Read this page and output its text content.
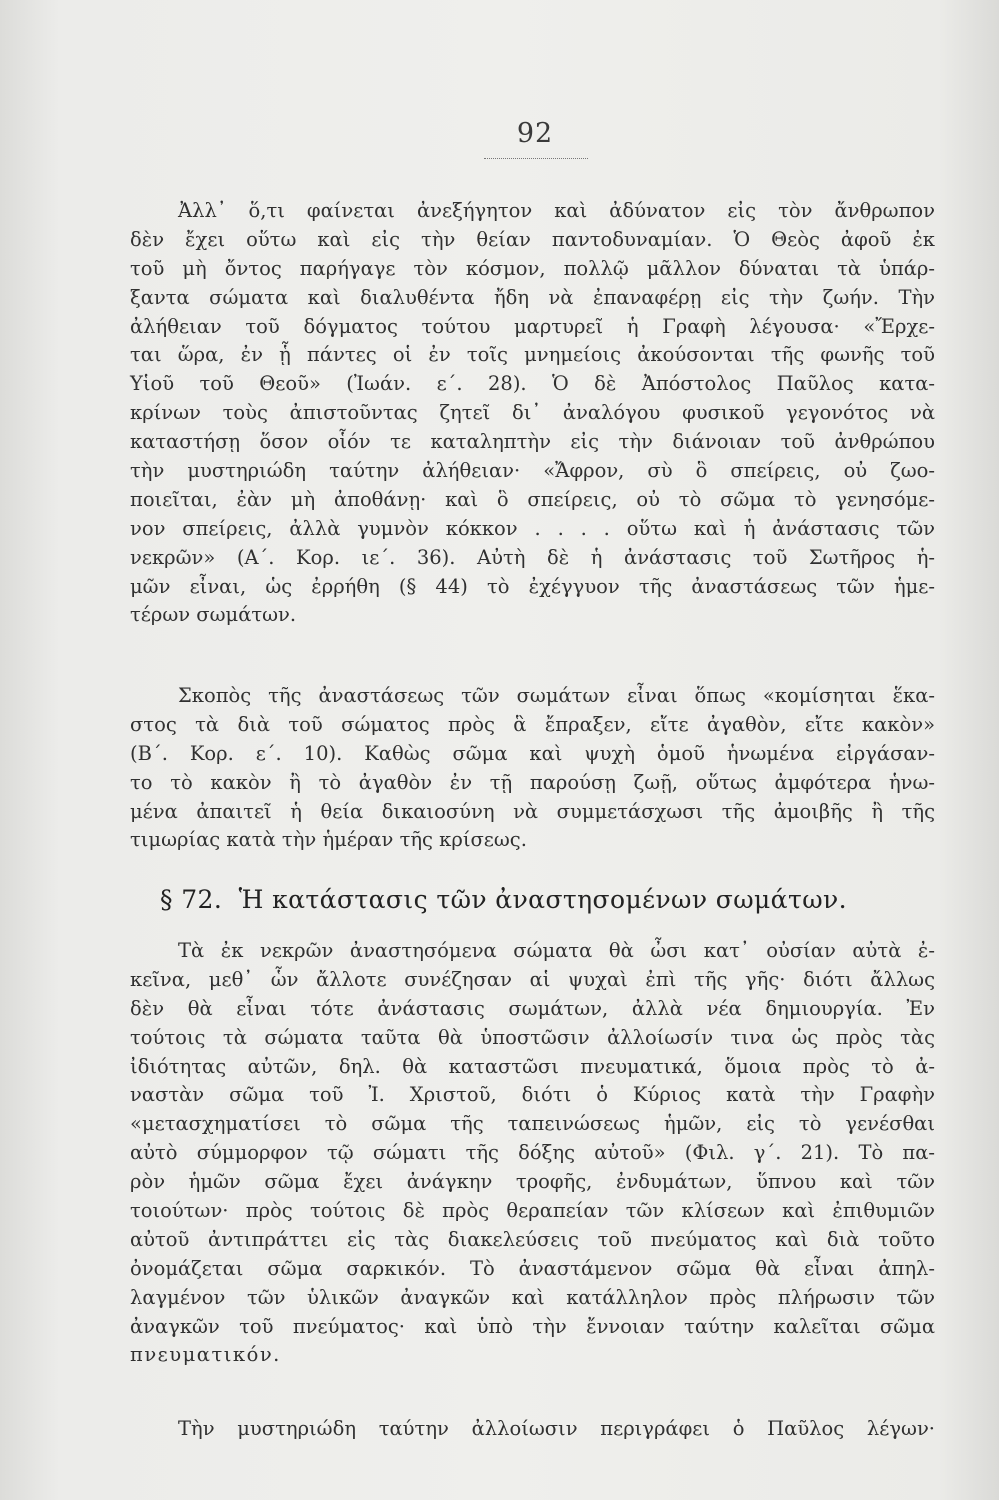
92
Ἀλλ᾽ ὅ,τι φαίνεται ἀνεξήγητον καὶ ἀδύνατον εἰς τὸν ἄνθρωπον
δὲν ἔχει οὕτω καὶ εἰς τὴν θείαν παντοδυναμίαν. Ὁ Θεὸς ἀφοῦ ἐκ
τοῦ μὴ ὄντος παρήγαγε τὸν κόσμον, πολλῷ μᾶλλον δύναται τὰ ὑπάρ-
ξαντα σώματα καὶ διαλυθέντα ἤδη νὰ ἐπαναφέρῃ εἰς τὴν ζωήν. Τὴν
ἀλήθειαν τοῦ δόγματος τούτου μαρτυρεῖ ἡ Γραφὴ λέγουσα· «Ἔρχε-
ται ὥρα, ἐν ᾗ πάντες οἱ ἐν τοῖς μνημείοις ἀκούσονται τῆς φωνῆς τοῦ
Υἱοῦ τοῦ Θεοῦ» (Ἰωάν. ε΄. 28). Ὁ δὲ Ἀπόστολος Παῦλος κατα-
κρίνων τοὺς ἀπιστοῦντας ζητεῖ δι᾽ ἀναλόγου φυσικοῦ γεγονότος νὰ
καταστήσῃ ὅσον οἷόν τε καταληπτὴν εἰς τὴν διάνοιαν τοῦ ἀνθρώπου
τὴν μυστηριώδη ταύτην ἀλήθειαν· «Ἄφρον, σὺ ὃ σπείρεις, οὐ ζωο-
ποιεῖται, ἐὰν μὴ ἀποθάνῃ· καὶ ὃ σπείρεις, οὐ τὸ σῶμα τὸ γενησόμε-
νον σπείρεις, ἀλλὰ γυμνὸν κόκκον . . . . οὕτω καὶ ἡ ἀνάστασις τῶν
νεκρῶν» (Α΄. Κορ. ιε΄. 36). Αὐτὴ δὲ ἡ ἀνάστασις τοῦ Σωτῆρος ἡ-
μῶν εἶναι, ὡς ἐρρήθη (§ 44) τὸ ἐχέγγυον τῆς ἀναστάσεως τῶν ἡμε-
τέρων σωμάτων.
Σκοπὸς τῆς ἀναστάσεως τῶν σωμάτων εἶναι ὅπως «κομίσηται ἕκα-
στος τὰ διὰ τοῦ σώματος πρὸς ἃ ἔπραξεν, εἴτε ἀγαθὸν, εἴτε κακὸν»
(Β΄. Κορ. ε΄. 10). Καθὼς σῶμα καὶ ψυχὴ ὁμοῦ ἡνωμένα εἰργάσαν-
το τὸ κακὸν ἢ τὸ ἀγαθὸν ἐν τῇ παρούσῃ ζωῇ, οὕτως ἀμφότερα ἡνω-
μένα ἀπαιτεῖ ἡ θεία δικαιοσύνη νὰ συμμετάσχωσι τῆς ἀμοιβῆς ἢ τῆς
τιμωρίας κατὰ τὴν ἡμέραν τῆς κρίσεως.
§ 72. Ἡ κατάστασις τῶν ἀναστησομένων σωμάτων.
Τὰ ἐκ νεκρῶν ἀναστησόμενα σώματα θὰ ὦσι κατ᾽ οὐσίαν αὐτὰ ἐ-
κεῖνα, μεθ᾽ ὧν ἄλλοτε συνέζησαν αἱ ψυχαὶ ἐπὶ τῆς γῆς· διότι ἄλλως
δὲν θὰ εἶναι τότε ἀνάστασις σωμάτων, ἀλλὰ νέα δημιουργία. Ἐν
τούτοις τὰ σώματα ταῦτα θὰ ὑποστῶσιν ἀλλοίωσίν τινα ὡς πρὸς τὰς
ἰδιότητας αὐτῶν, δηλ. θὰ καταστῶσι πνευματικά, ὅμοια πρὸς τὸ ἀ-
ναστὰν σῶμα τοῦ Ἰ. Χριστοῦ, διότι ὁ Κύριος κατὰ τὴν Γραφὴν
«μετασχηματίσει τὸ σῶμα τῆς ταπεινώσεως ἡμῶν, εἰς τὸ γενέσθαι
αὐτὸ σύμμορφον τῷ σώματι τῆς δόξης αὐτοῦ» (Φιλ. γ΄. 21). Τὸ πα-
ρὸν ἡμῶν σῶμα ἔχει ἀνάγκην τροφῆς, ἐνδυμάτων, ὕπνου καὶ τῶν
τοιούτων· πρὸς τούτοις δὲ πρὸς θεραπείαν τῶν κλίσεων καὶ ἐπιθυμιῶν
αὐτοῦ ἀντιπράττει εἰς τὰς διακελεύσεις τοῦ πνεύματος καὶ διὰ τοῦτο
ὀνομάζεται σῶμα σαρκικόν. Τὸ ἀναστάμενον σῶμα θὰ εἶναι ἀπηλ-
λαγμένον τῶν ὑλικῶν ἀναγκῶν καὶ κατάλληλον πρὸς πλήρωσιν τῶν
ἀναγκῶν τοῦ πνεύματος· καὶ ὑπὸ τὴν ἔννοιαν ταύτην καλεῖται σῶμα
πνευματικόν.
Τὴν μυστηριώδη ταύτην ἀλλοίωσιν περιγράφει ὁ Παῦλος λέγων·
